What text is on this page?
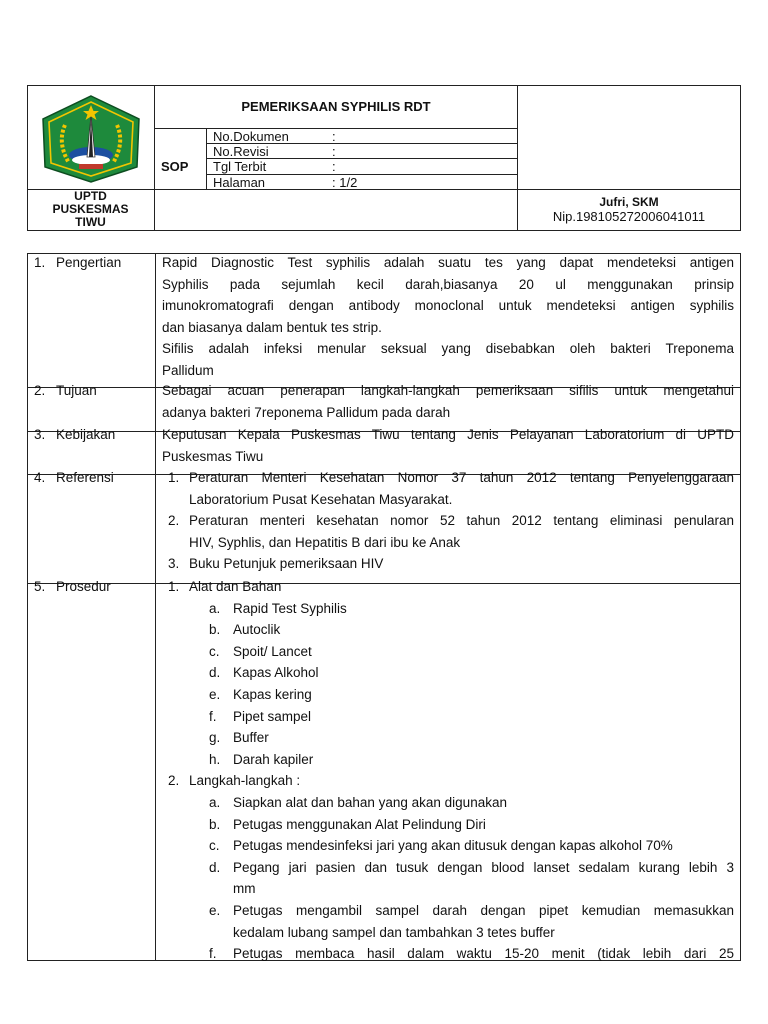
PEMERIKSAAN SYPHILIS RDT
SOP
No.Dokumen	:
No.Revisi	:
Tgl Terbit	:
Halaman	: 1/2
UPTD
PUSKESMAS
TIWU
Jufri, SKM
Nip.198105272006041011
1. Pengertian	Rapid Diagnostic Test syphilis adalah suatu tes yang dapat mendeteksi antigen
Syphilis pada sejumlah kecil darah,biasanya 20 ul menggunakan prinsip
imunokromatografi dengan antibody monoclonal untuk mendeteksi antigen syphilis
dan biasanya dalam bentuk tes strip.
Sifilis adalah infeksi menular seksual yang disebabkan oleh bakteri Treponema
Pallidum
2. Tujuan	Sebagai acuan penerapan langkah-langkah pemeriksaan sifilis untuk mengetahui
adanya bakteri 7reponema Pallidum pada darah
3. Kebijakan	Keputusan Kepala Puskesmas Tiwu tentang Jenis Pelayanan Laboratorium di UPTD
Puskesmas Tiwu
4. Referensi	1. Peraturan Menteri Kesehatan Nomor 37 tahun 2012 tentang Penyelenggaraan
Laboratorium Pusat Kesehatan Masyarakat.
2. Peraturan menteri kesehatan nomor 52 tahun 2012 tentang eliminasi penularan
HIV, Syphlis, dan Hepatitis B dari ibu ke Anak
3. Buku Petunjuk pemeriksaan HIV
5. Prosedur	1. Alat dan Bahan
a. Rapid Test Syphilis
b. Autoclik
c. Spoit/ Lancet
d. Kapas Alkohol
e. Kapas kering
f. Pipet sampel
g. Buffer
h. Darah kapiler
2. Langkah-langkah :
a. Siapkan alat dan bahan yang akan digunakan
b. Petugas menggunakan Alat Pelindung Diri
c. Petugas mendesinfeksi jari yang akan ditusuk dengan kapas alkohol 70%
d. Pegang jari pasien dan tusuk dengan blood lanset sedalam kurang lebih 3
mm
e. Petugas mengambil sampel darah dengan pipet kemudian memasukkan
kedalam lubang sampel dan tambahkan 3 tetes buffer
f. Petugas membaca hasil dalam waktu 15-20 menit (tidak lebih dari 25
